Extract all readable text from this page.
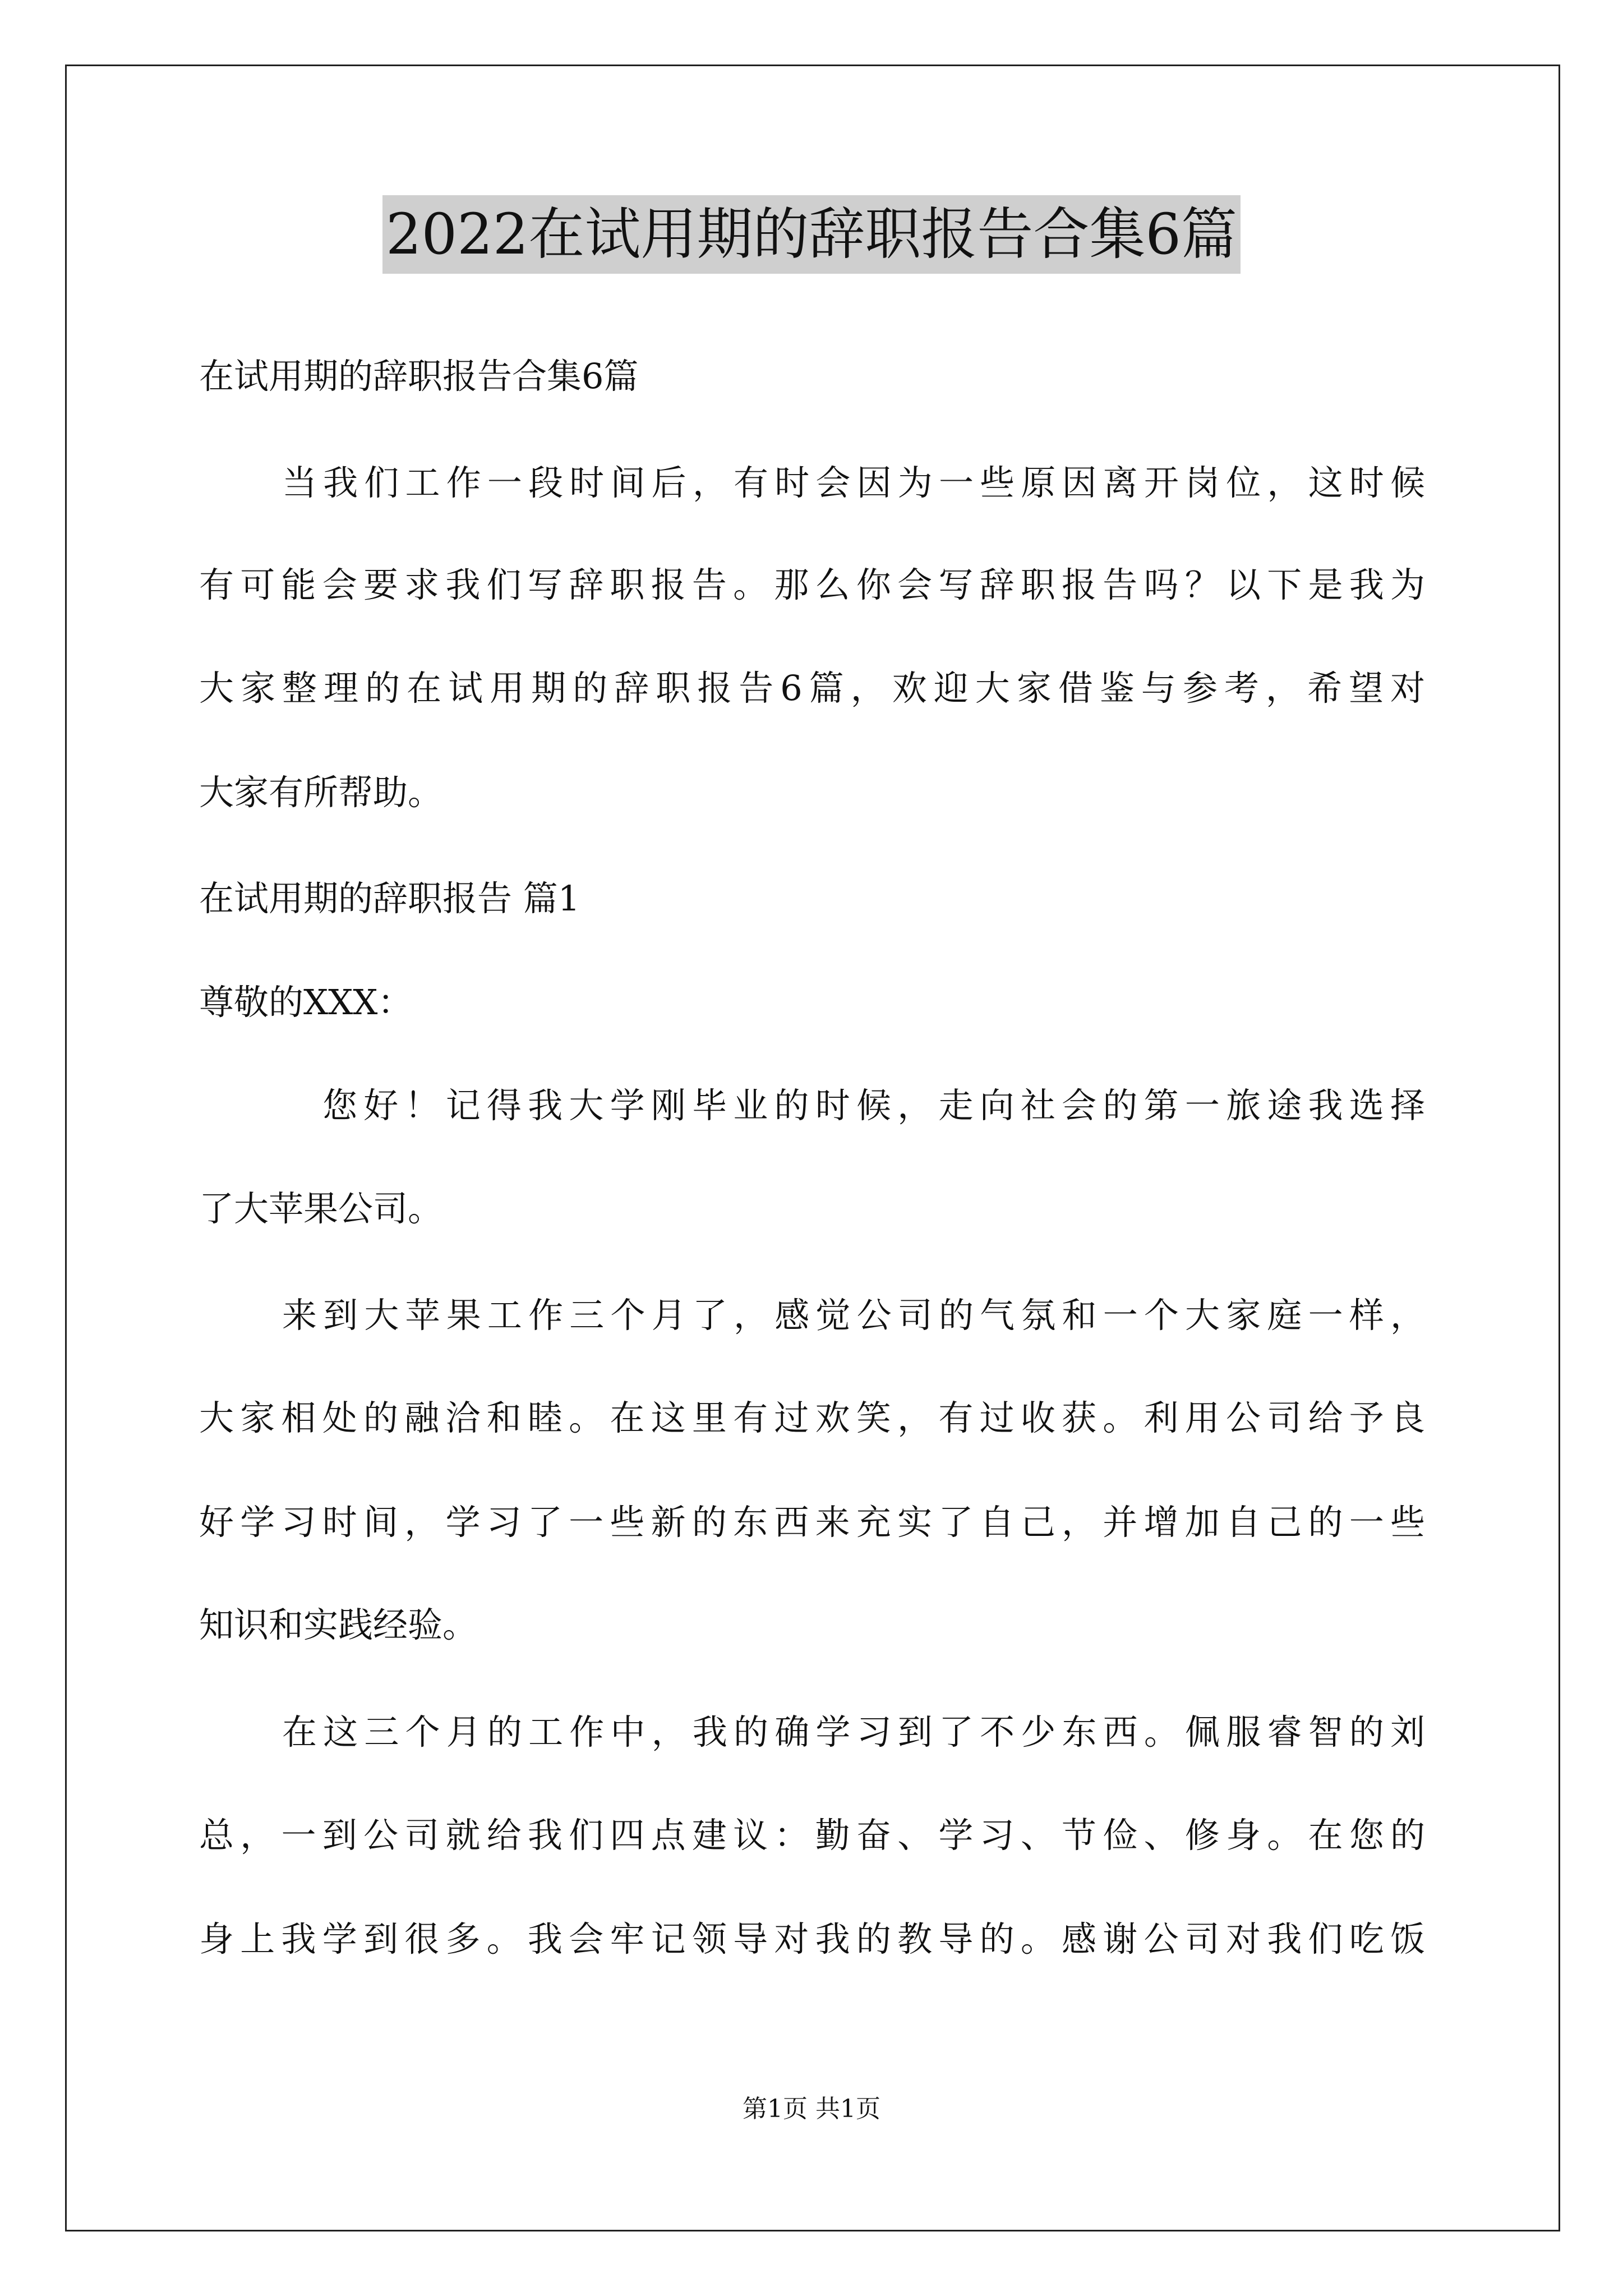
2022在试用期的辞职报告合集6篇
在试用期的辞职报告合集6篇
当我们工作一段时间后，有时会因为一些原因离开岗位，这时候
有可能会要求我们写辞职报告。那么你会写辞职报告吗？以下是我为
大家整理的在试用期的辞职报告6篇，欢迎大家借鉴与参考，希望对
大家有所帮助。
在试用期的辞职报告 篇1
尊敬的XXX：
您好！记得我大学刚毕业的时候，走向社会的第一旅途我选择
了大苹果公司。
来到大苹果工作三个月了，感觉公司的气氛和一个大家庭一样，
大家相处的融洽和睦。在这里有过欢笑，有过收获。利用公司给予良
好学习时间，学习了一些新的东西来充实了自己，并增加自己的一些
知识和实践经验。
在这三个月的工作中，我的确学习到了不少东西。佩服睿智的刘
总，一到公司就给我们四点建议：勤奋、学习、节俭、修身。在您的
身上我学到很多。我会牢记领导对我的教导的。感谢公司对我们吃饭
第1页 共1页
